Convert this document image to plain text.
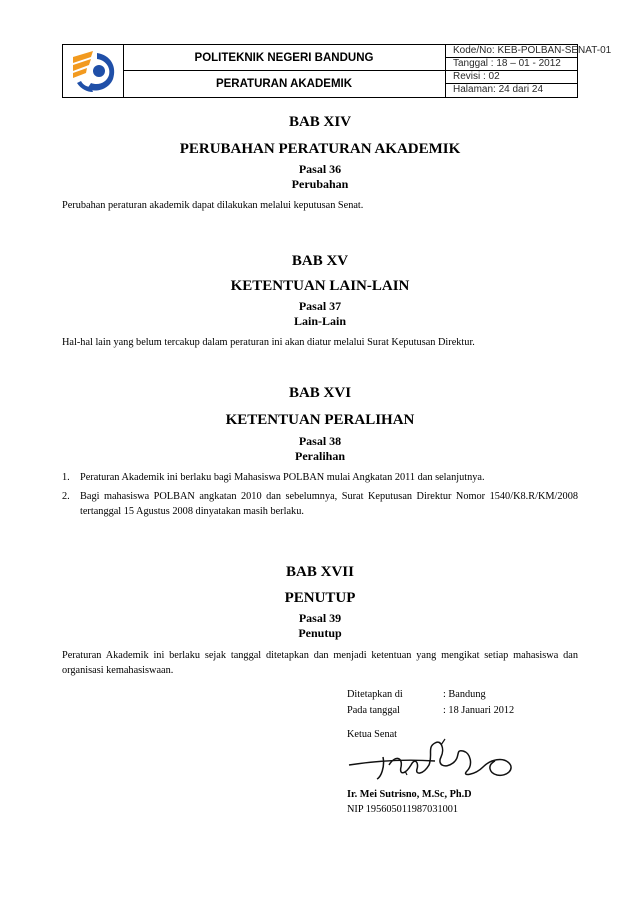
POLITEKNIK NEGERI BANDUNG
PERATURAN AKADEMIK
Kode/No: KEB-POLBAN-SENAT-01
Tanggal : 18 – 01 - 2012
Revisi : 02
Halaman: 24 dari 24
BAB XIV
PERUBAHAN PERATURAN AKADEMIK
Pasal 36
Perubahan
Perubahan peraturan akademik dapat dilakukan melalui keputusan Senat.
BAB XV
KETENTUAN LAIN-LAIN
Pasal 37
Lain-Lain
Hal-hal lain yang belum tercakup dalam peraturan ini akan diatur melalui Surat Keputusan Direktur.
BAB XVI
KETENTUAN PERALIHAN
Pasal 38
Peralihan
1. Peraturan Akademik ini berlaku bagi Mahasiswa POLBAN mulai Angkatan 2011 dan selanjutnya.
2. Bagi mahasiswa POLBAN angkatan 2010 dan sebelumnya, Surat Keputusan Direktur Nomor 1540/K8.R/KM/2008 tertanggal 15 Agustus 2008 dinyatakan masih berlaku.
BAB XVII
PENUTUP
Pasal 39
Penutup
Peraturan Akademik ini berlaku sejak tanggal ditetapkan dan menjadi ketentuan yang mengikat setiap mahasiswa dan organisasi kemahasiswaan.
Ditetapkan di	: Bandung
Pada tanggal	: 18 Januari 2012
Ketua Senat
Ir. Mei Sutrisno, M.Sc, Ph.D
NIP 195605011987031001
